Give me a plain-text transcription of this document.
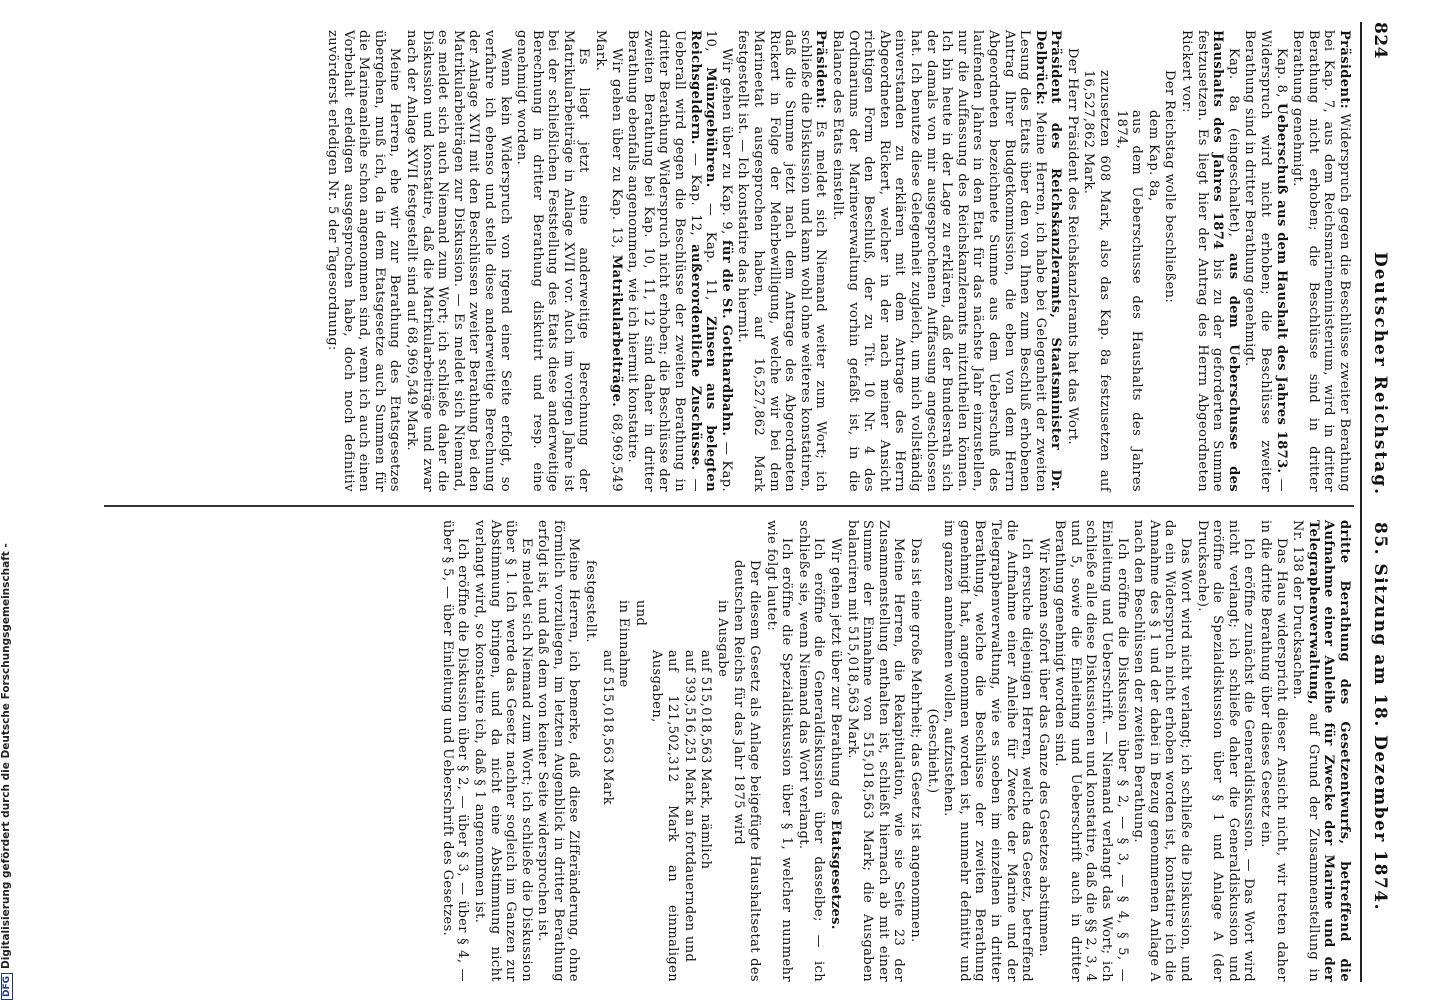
824
Deutscher Reichstag.
85. Sitzung am 18. Dezember 1874.

Präsident: Widerspruch gegen die Beschlüsse zweiter Berathung bei Kap. 7, aus dem Reichsmarineministerium, wird in dritter Berathung nicht erhoben; die Beschlüsse sind in dritter Berathung genehmigt.

Kap. 8, Ueberschuß aus dem Haushalt des Jahres 1873. — Widerspruch wird nicht erhoben; die Beschlüsse zweiter Berathung sind in dritter Berathung genehmigt.

Kap. 8a (eingeschaltet), aus dem Ueberschusse des Haushalts des Jahres 1874 bis zu der geforderten Summe festzusetzen. Es liegt hier der Antrag des Herrn Abgeordneten Rickert vor:

Der Reichstag wolle beschließen:

dem Kap. 8a,

aus dem Ueberschusse des Haushalts des Jahres 1874,

zuzusetzen 608 Mark, also das Kap. 8a festzusetzen auf 16,527,862 Mark.

Der Herr Präsident des Reichskanzleramts hat das Wort.

Präsident des Reichskanzleramts, Staatsminister Dr. Delbrück: Meine Herren, ich habe bei Gelegenheit der zweiten Lesung des Etats über den von Ihnen zum Beschluß erhobenen Antrag Ihrer Budgetkommission, die eben von dem Herrn Abgeordneten bezeichnete Summe aus dem Ueberschuß des laufenden Jahres in den Etat für das nächste Jahr einzustellen, nur die Auffassung des Reichskanzleramts mitzutheilen können. Ich bin heute in der Lage zu erklären, daß der Bundesrath sich der damals von mir ausgesprochenen Auffassung angeschlossen hat. Ich benutze diese Gelegenheit zugleich, um mich vollständig einverstanden zu erklären mit dem Antrage des Herrn Abgeordneten Rickert, welcher in der nach meiner Ansicht richtigen Form den Beschluß, der zu Tit. 10 Nr. 4 des Ordinariums der Marineverwaltung vorhin gefaßt ist, in die Balance des Etats einstellt.

Präsident: Es meldet sich Niemand weiter zum Wort; ich schließe die Diskussion und kann wohl ohne weiteres konstatiren, daß die Summe jetzt nach dem Antrage des Abgeordneten Rickert in Folge der Mehrbewilligung, welche wir bei dem Marineetat ausgesprochen haben, auf 16,527,862 Mark festgestellt ist. — Ich konstatire das hiermit.

Wir gehen über zu Kap. 9, für die St. Gotthardbahn. — Kap. 10, Münzgebühren. — Kap. 11, Zinsen aus belegten Reichsgeldern. — Kap. 12, außerordentliche Zuschüsse. — Ueberall wird gegen die Beschlüsse der zweiten Berathung in dritter Berathung Widerspruch nicht erhoben; die Beschlüsse der zweiten Berathung bei Kap. 10, 11, 12 sind daher in dritter Berathung ebenfalls angenommen, wie ich hiermit konstatire.

Wir gehen über zu Kap. 13, Matrikularbeiträge. 68,969,549 Mark.

Es liegt jetzt eine anderweitige Berechnung der Matrikularbeiträge in Anlage XVII vor. Auch im vorigen Jahre ist bei der schließlichen Feststellung des Etats diese anderweitige Berechnung in dritter Berathung diskutirt und resp. eine genehmigt worden.

Wenn kein Widerspruch von irgend einer Seite erfolgt, so verfahre ich ebenso und stelle diese anderweitige Berechnung der Anlage XVII mit den Beschlüssen zweiter Berathung bei den Matrikularbeiträgen zur Diskussion. — Es meldet sich Niemand, es meldet sich auch Niemand zum Wort; ich schließe daher die Diskussion und konstatire, daß die Matrikularbeiträge und zwar nach der Anlage XVII festgestellt sind auf 68,969,549 Mark.

Meine Herren, ehe wir zur Berathung des Etatsgesetzes übergehen, muß ich, da in dem Etatsgesetze auch Summen für die Marineanleihe schon angenommen sind, wenn ich auch einen Vorbehalt erledigen ausgesprochen habe, doch noch definitiv zuvörderst erledigen Nr. 5 der Tagesordnung:

dritte Berathung des Gesetzentwurfs, betreffend die Aufnahme einer Anleihe für Zwecke der Marine und der Telegraphenverwaltung, auf Grund der Zusammenstellung in Nr. 138 der Drucksachen.

Das Haus widerspricht dieser Ansicht nicht, wir treten daher in die dritte Berathung über dieses Gesetz ein.

Ich eröffne zunächst die Generaldiskussion. — Das Wort wird nicht verlangt; ich schließe daher die Generaldiskussion und eröffne die Spezialdiskussion über § 1 und Anlage A (der Drucksache).

Das Wort wird nicht verlangt; ich schließe die Diskussion, und da ein Widerspruch nicht erhoben worden ist, konstatire ich die Annahme des § 1 und der dabei in Bezug genommenen Anlage A nach den Beschlüssen der zweiten Berathung.

Ich eröffne die Diskussion über § 2, — § 3, — § 4, § 5, — Einleitung und Ueberschrift. — Niemand verlangt das Wort; ich schließe alle diese Diskussionen und konstatire, daß die §§ 2, 3, 4 und 5, sowie die Einleitung und Ueberschrift auch in dritter Berathung genehmigt worden sind.

Wir können sofort über das Ganze des Gesetzes abstimmen.

Ich ersuche diejenigen Herren, welche das Gesetz, betreffend die Aufnahme einer Anleihe für Zwecke der Marine und der Telegraphenverwaltung, wie es soeben im einzelnen in dritter Berathung, welche die Beschlüsse der zweiten Berathung genehmigt hat, angenommen worden ist, nunmehr definitiv und im ganzen annehmen wollen, aufzustehen.

(Geschieht.)

Das ist eine große Mehrheit; das Gesetz ist angenommen.

Meine Herren, die Rekapitulation, wie sie Seite 23 der Zusammenstellung enthalten ist, schließt hiernach ab mit einer Summe der Einnahme von 515,018,563 Mark; die Ausgaben balanciren mit 515,018,563 Mark.

Wir gehen jetzt über zur Berathung des Etatsgesetzes.

Ich eröffne die Generaldiskussion über dasselbe; — ich schließe sie, wenn Niemand das Wort verlangt.

Ich eröffne die Spezialdiskussion über § 1, welcher nunmehr wie folgt lautet:

Der diesem Gesetz als Anlage beigefügte Haushaltsetat des deutschen Reichs für das Jahr 1875 wird

in Ausgabe

auf 515,018,563 Mark, nämlich

auf 393,516,251 Mark an fortdauernden und

auf 121,502,312 Mark an einmaligen Ausgaben,

und

in Einnahme

auf 515,018,563 Mark

festgestellt.

Meine Herren, ich bemerke, daß diese Zifferänderung, ohne förmlich vorzuliegen, im letzten Augenblick in dritter Berathung erfolgt ist, und daß dem von keiner Seite widersprochen ist.

Es meldet sich Niemand zum Wort; ich schließe die Diskussion über § 1. Ich werde das Gesetz nachher sogleich im Ganzen zur Abstimmung bringen, und da nicht eine Abstimmung nicht verlangt wird, so konstatire ich, daß § 1 angenommen ist.

Ich eröffne die Diskussion über § 2, — über § 3, — über § 4, — über § 5, — über Einleitung und Ueberschrift des Gesetzes.

DFGDigitalisierung gefördert durch die Deutsche Forschungsgemeinschaft -
